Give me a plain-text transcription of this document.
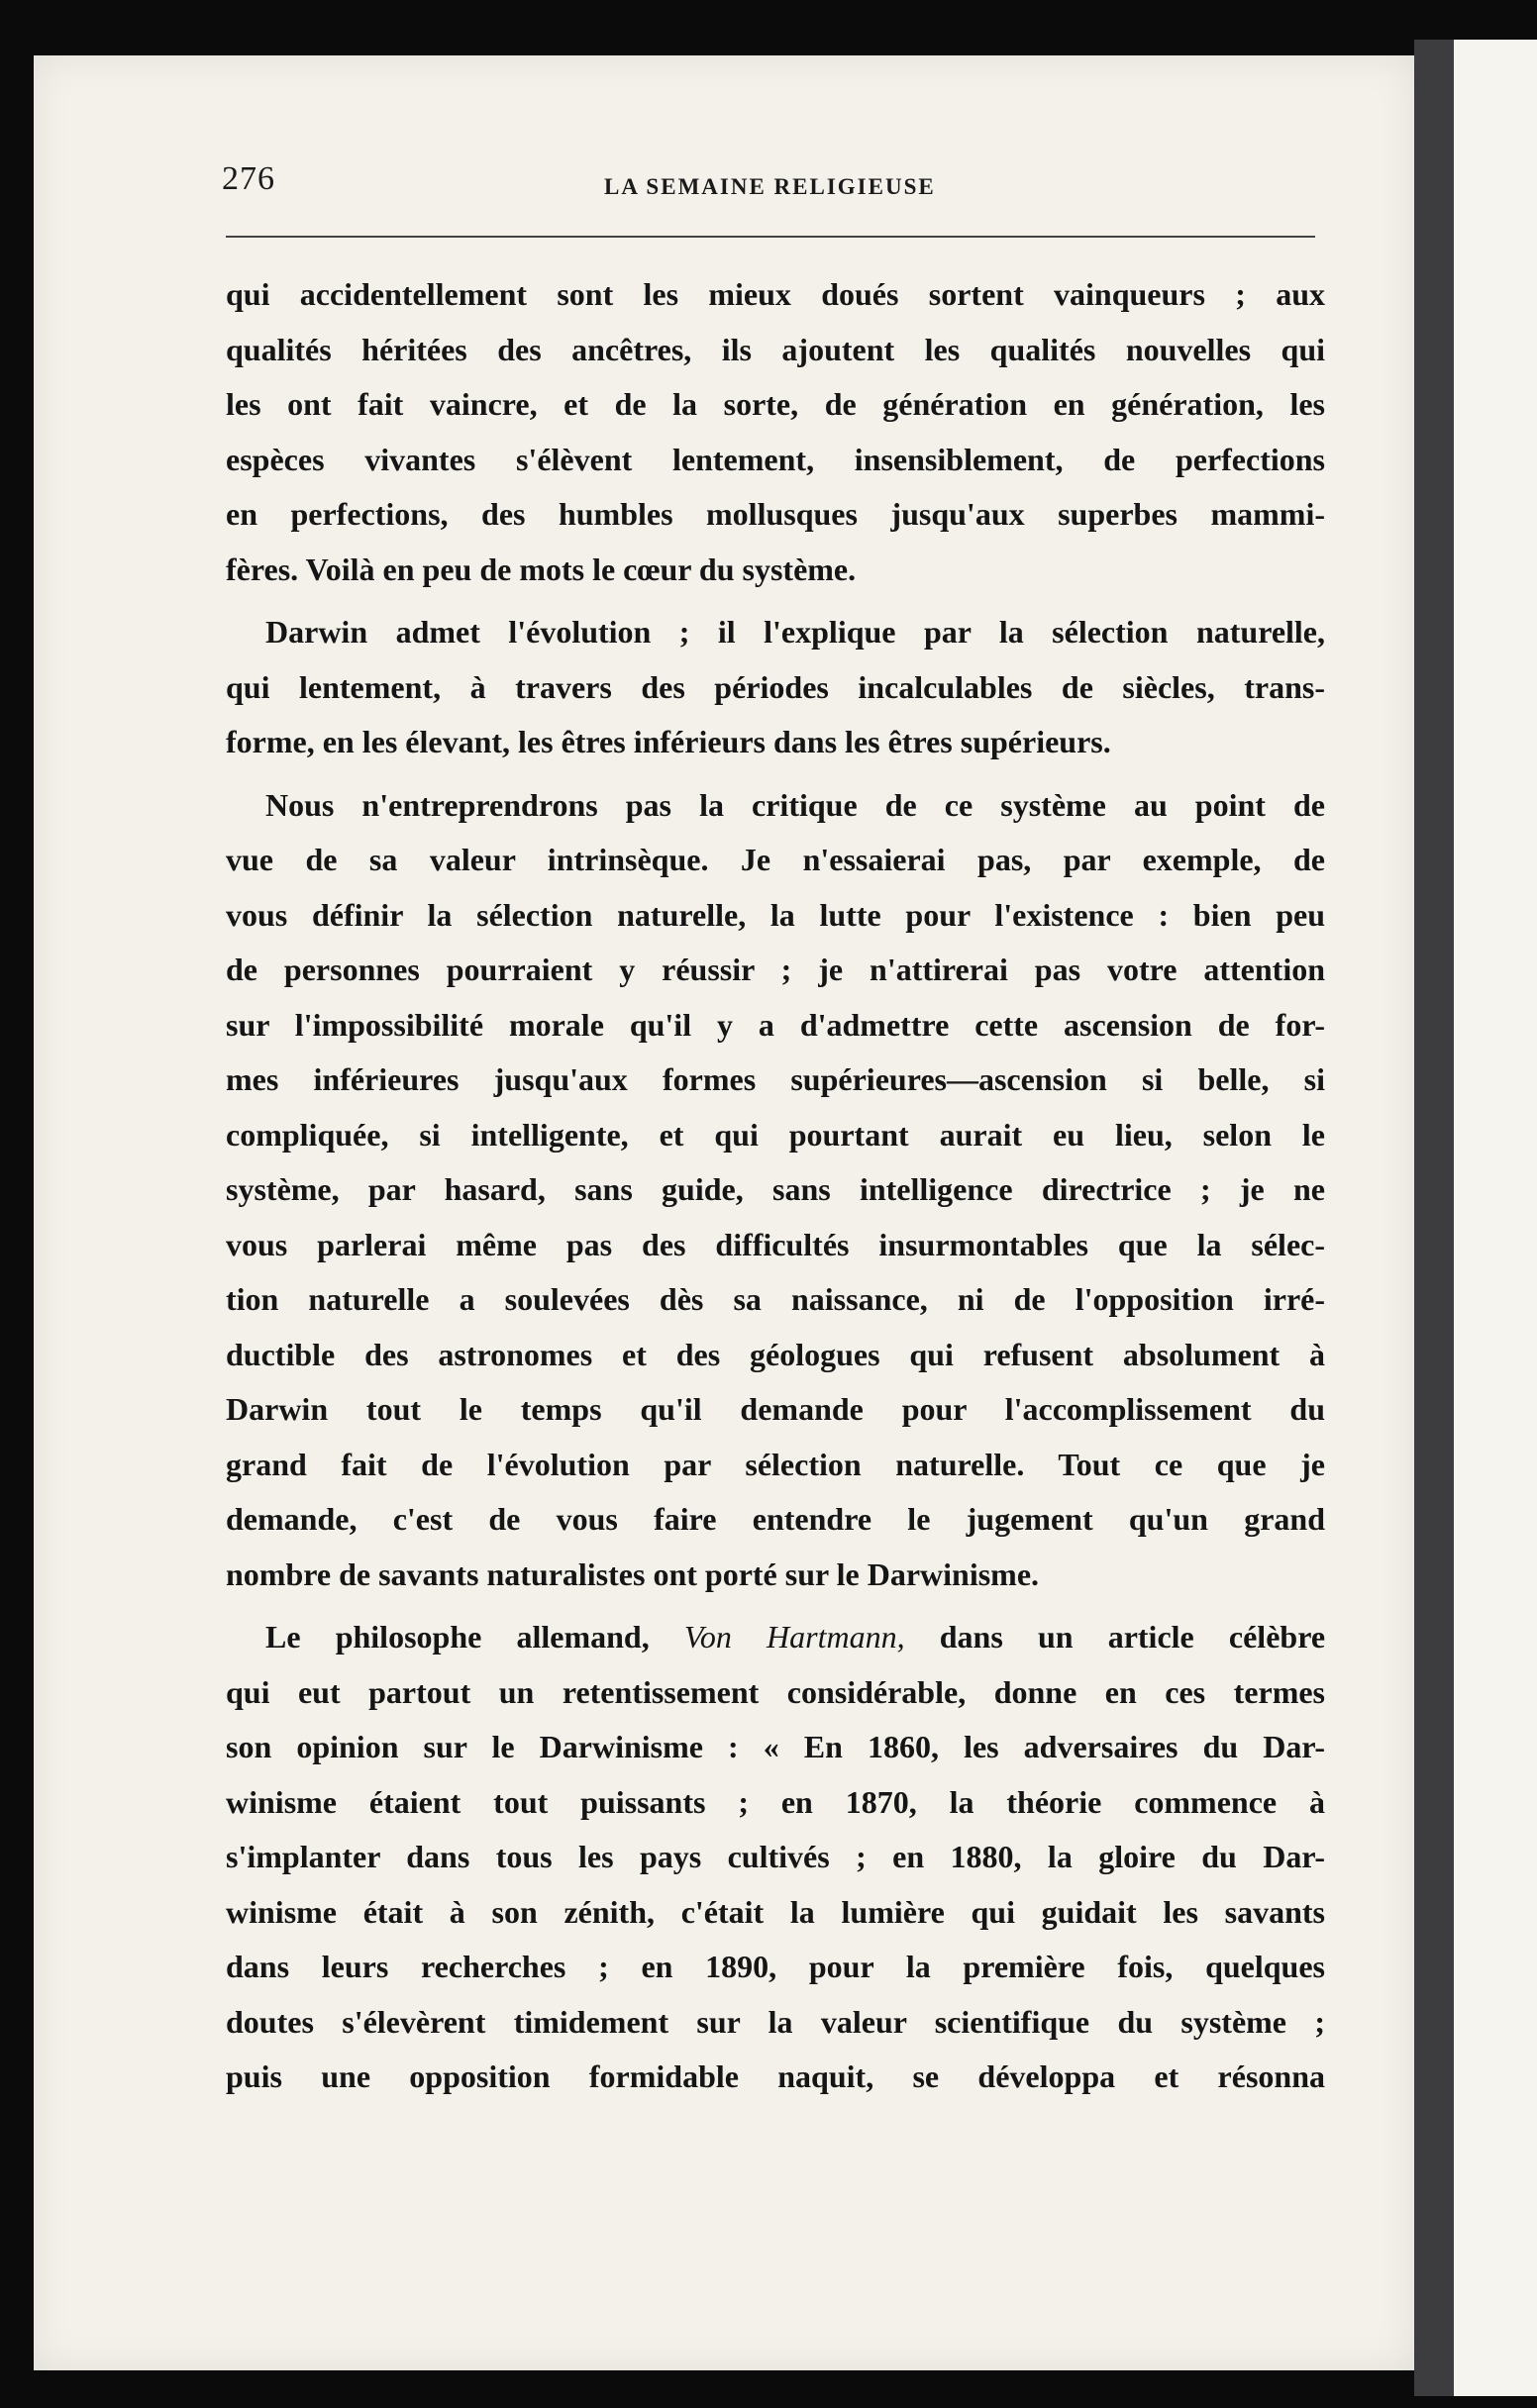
276	LA SEMAINE RELIGIEUSE
qui accidentellement sont les mieux doués sortent vainqueurs ; aux
qualités héritées des ancêtres, ils ajoutent les qualités nouvelles qui
les ont fait vaincre, et de la sorte, de génération en génération, les
espèces vivantes s'élèvent lentement, insensiblement, de perfections
en perfections, des humbles mollusques jusqu'aux superbes mammi-
fères. Voilà en peu de mots le cœur du système.
Darwin admet l'évolution ; il l'explique par la sélection naturelle,
qui lentement, à travers des périodes incalculables de siècles, trans-
forme, en les élevant, les êtres inférieurs dans les êtres supérieurs.
Nous n'entreprendrons pas la critique de ce système au point de
vue de sa valeur intrinsèque. Je n'essaierai pas, par exemple, de
vous définir la sélection naturelle, la lutte pour l'existence : bien peu
de personnes pourraient y réussir ; je n'attirerai pas votre attention
sur l'impossibilité morale qu'il y a d'admettre cette ascension de for-
mes inférieures jusqu'aux formes supérieures—ascension si belle, si
compliquée, si intelligente, et qui pourtant aurait eu lieu, selon le
système, par hasard, sans guide, sans intelligence directrice ; je ne
vous parlerai même pas des difficultés insurmontables que la sélec-
tion naturelle a soulevées dès sa naissance, ni de l'opposition irré-
ductible des astronomes et des géologues qui refusent absolument à
Darwin tout le temps qu'il demande pour l'accomplissement du
grand fait de l'évolution par sélection naturelle. Tout ce que je
demande, c'est de vous faire entendre le jugement qu'un grand
nombre de savants naturalistes ont porté sur le Darwinisme.
Le philosophe allemand, Von Hartmann, dans un article célèbre
qui eut partout un retentissement considérable, donne en ces termes
son opinion sur le Darwinisme : « En 1860, les adversaires du Dar-
winisme étaient tout puissants ; en 1870, la théorie commence à
s'implanter dans tous les pays cultivés ; en 1880, la gloire du Dar-
winisme était à son zénith, c'était la lumière qui guidait les savants
dans leurs recherches ; en 1890, pour la première fois, quelques
doutes s'élevèrent timidement sur la valeur scientifique du système ;
puis une opposition formidable naquit, se développa et résonna
